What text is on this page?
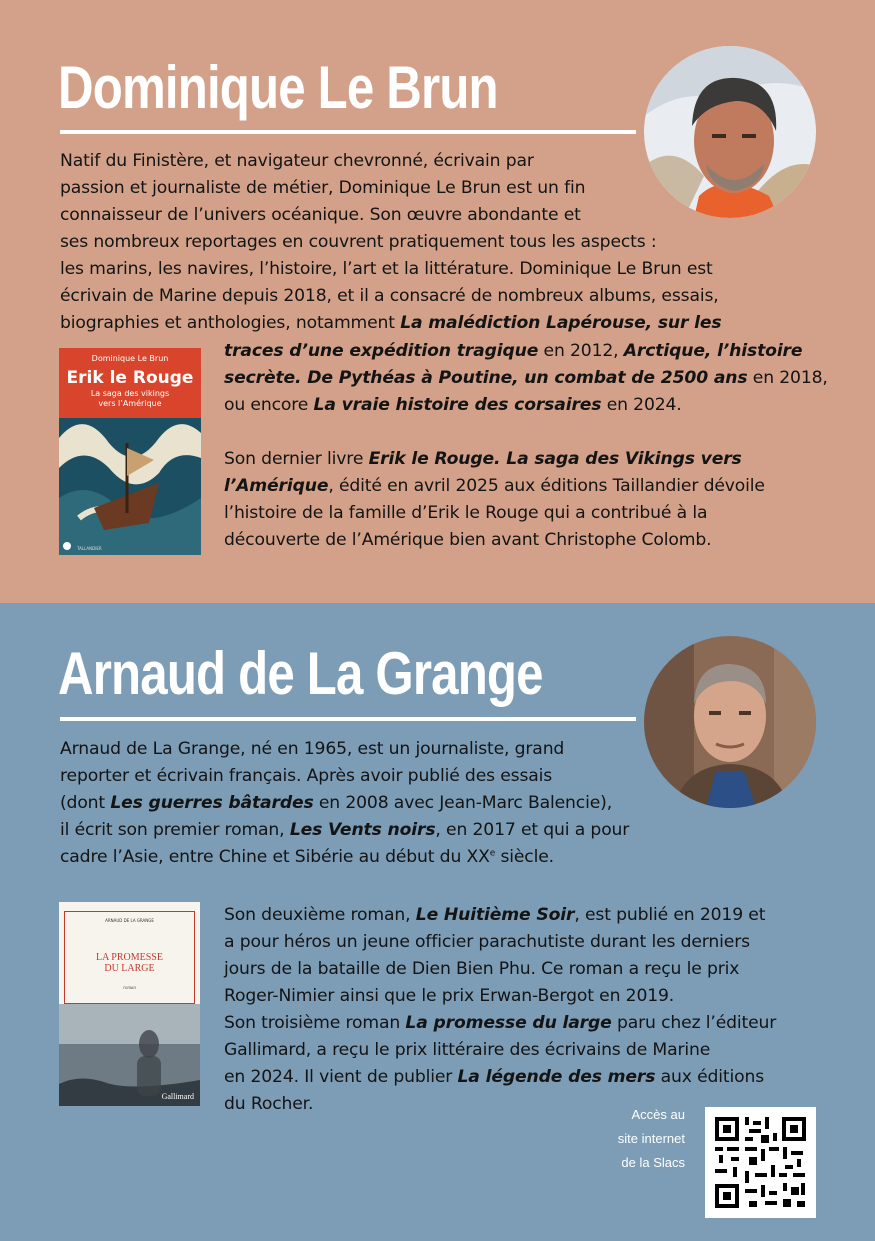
Dominique Le Brun

Natif du Finistère, et navigateur chevronné, écrivain par
passion et journaliste de métier, Dominique Le Brun est un fin
connaisseur de l’univers océanique. Son œuvre abondante et
ses nombreux reportages en couvrent pratiquement tous les aspects :
les marins, les navires, l’histoire, l’art et la littérature. Dominique Le Brun est
écrivain de Marine depuis 2018, et il a consacré de nombreux albums, essais,
biographies et anthologies, notamment La malédiction Lapérouse, sur les

Dominique Le Brun
Erik le Rouge
La saga des vikings
vers l’Amérique
TALLANDIER

traces d’une expédition tragique en 2012, Arctique, l’histoire
secrète. De Pythéas à Poutine, un combat de 2500 ans en 2018,
ou encore La vraie histoire des corsaires en 2024.

Son dernier livre Erik le Rouge. La saga des Vikings vers
l’Amérique, édité en avril 2025 aux éditions Taillandier dévoile
l’histoire de la famille d’Erik le Rouge qui a contribué à la
découverte de l’Amérique bien avant Christophe Colomb.

Arnaud de La Grange

Arnaud de La Grange, né en 1965, est un journaliste, grand
reporter et écrivain français. Après avoir publié des essais
(dont Les guerres bâtardes en 2008 avec Jean-Marc Balencie),
il écrit son premier roman, Les Vents noirs, en 2017 et qui a pour
cadre l’Asie, entre Chine et Sibérie au début du XXe siècle.

ARNAUD DE LA GRANGE
LA PROMESSE
DU LARGE
roman
Gallimard

Son deuxième roman, Le Huitième Soir, est publié en 2019 et
a pour héros un jeune officier parachutiste durant les derniers
jours de la bataille de Dien Bien Phu. Ce roman a reçu le prix
Roger-Nimier ainsi que le prix Erwan-Bergot en 2019.
Son troisième roman La promesse du large paru chez l’éditeur
Gallimard, a reçu le prix littéraire des écrivains de Marine
en 2024. Il vient de publier La légende des mers aux éditions
du Rocher.

Accès au
site internet
de la Slacs
